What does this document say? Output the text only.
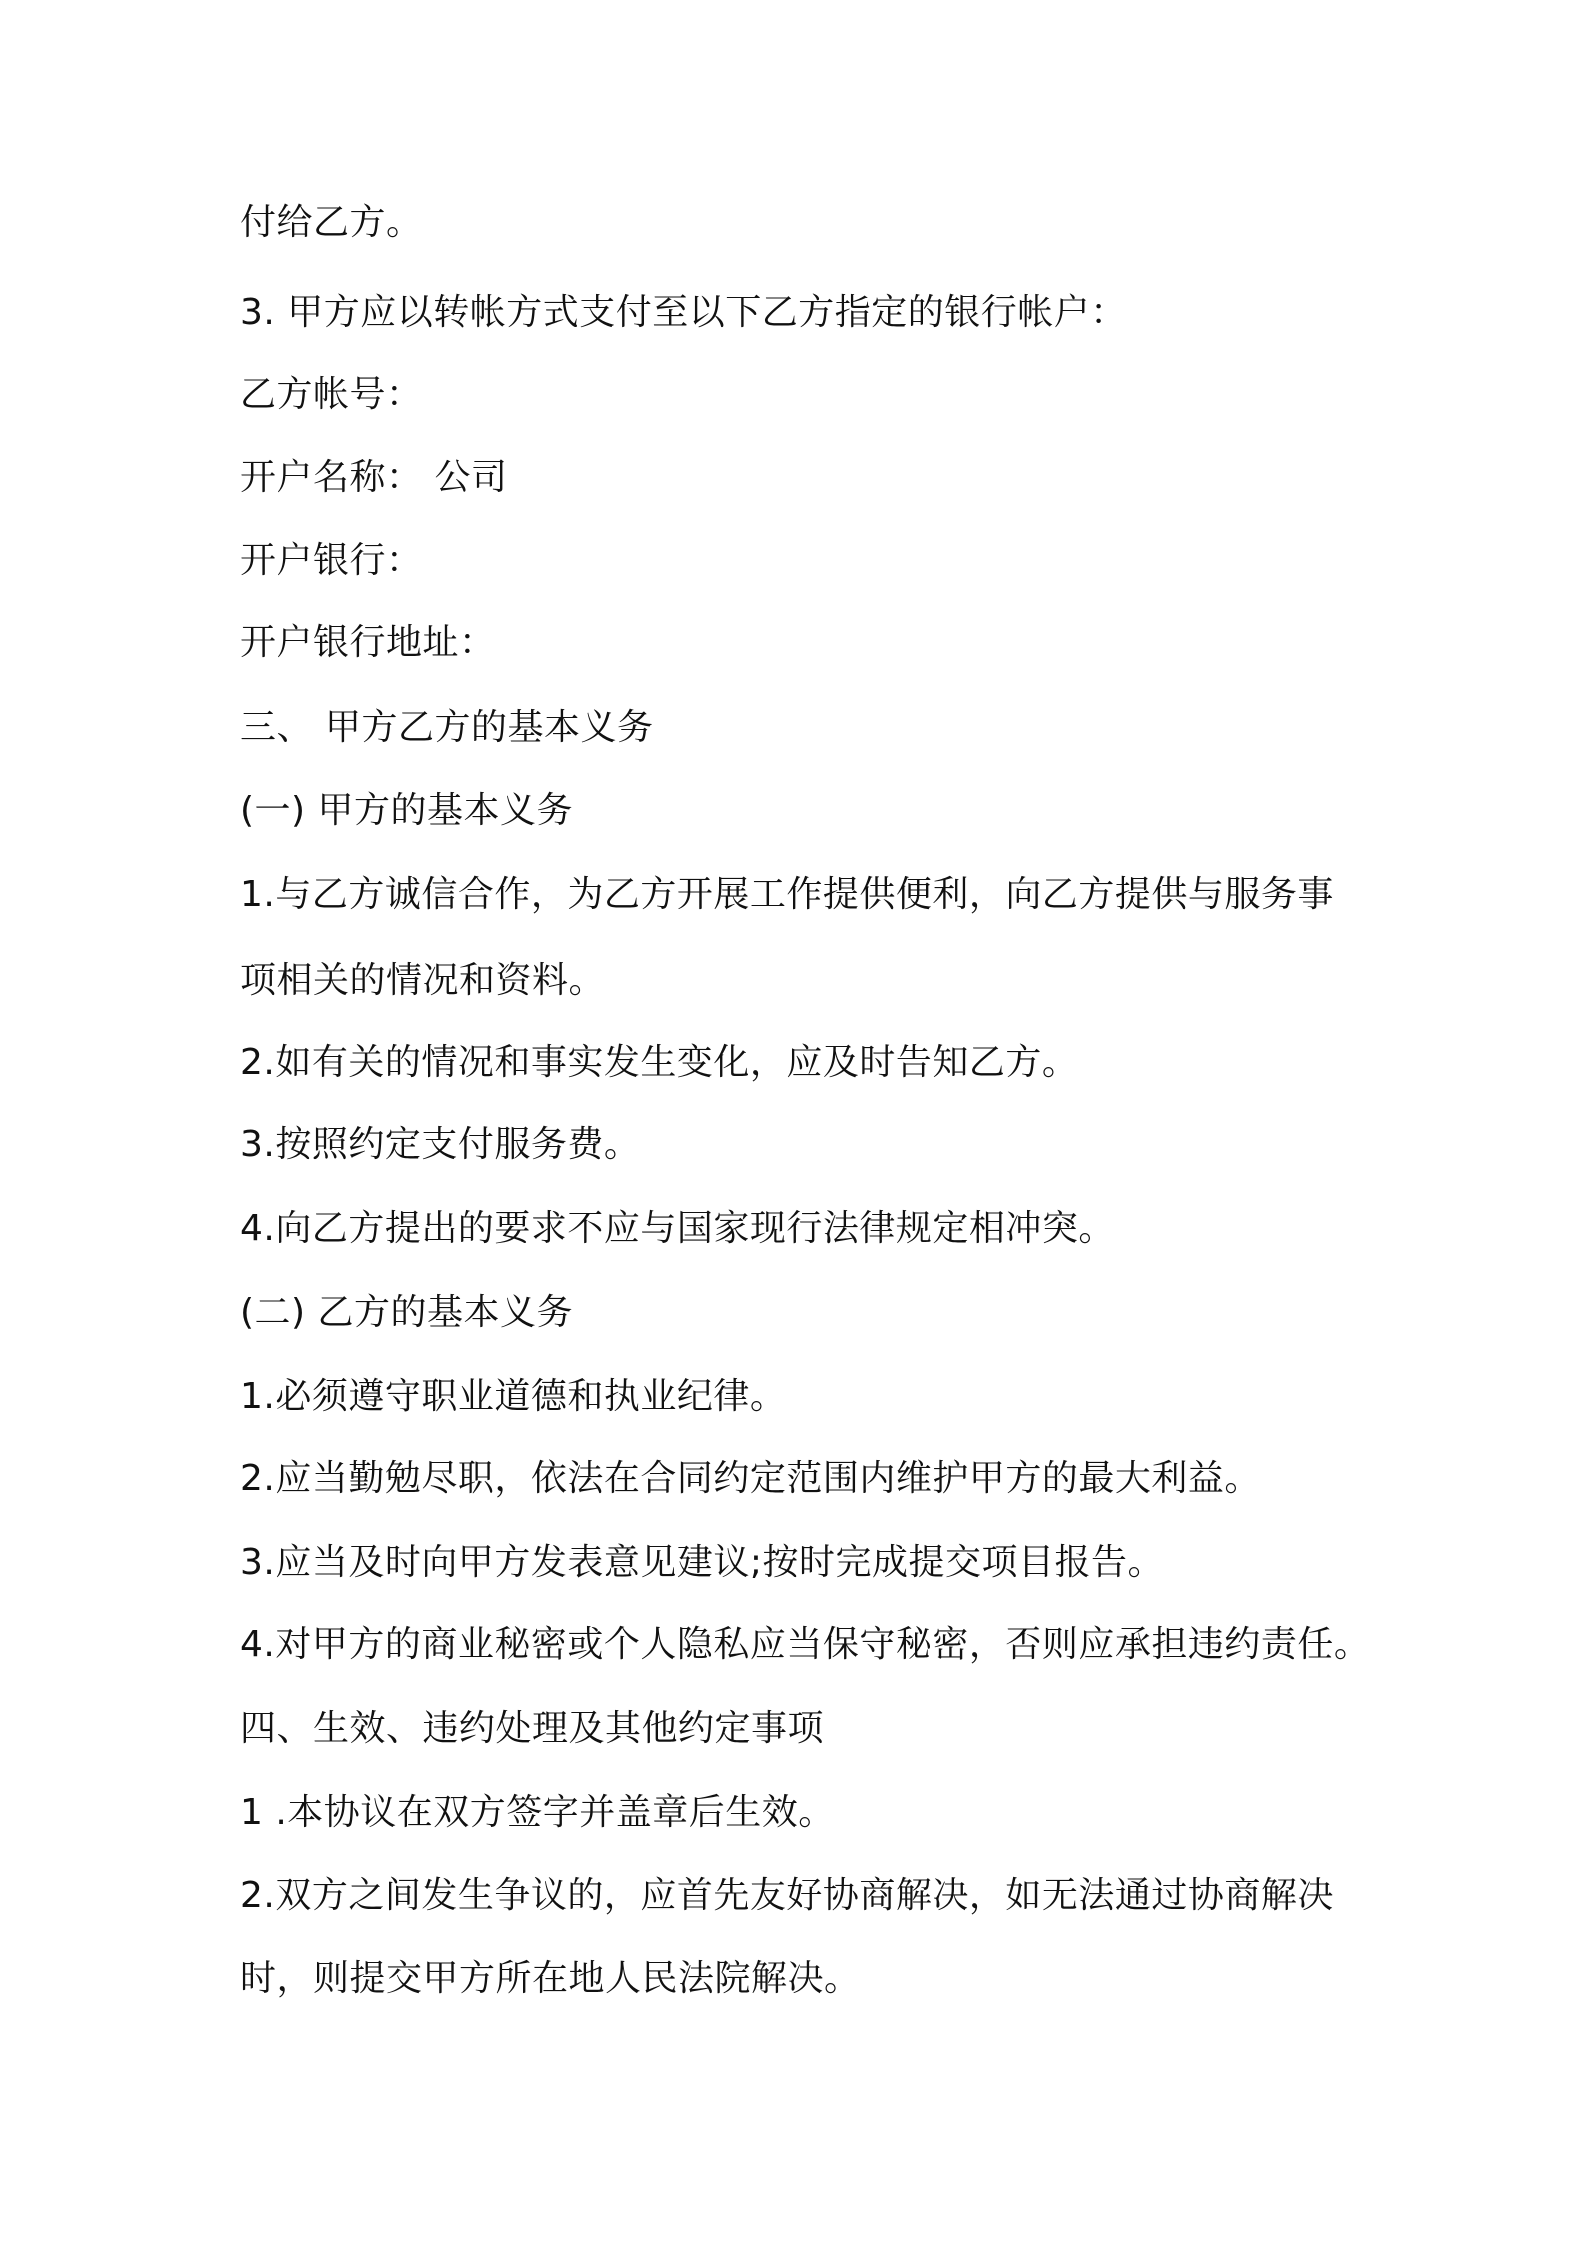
付给乙方。
3. 甲方应以转帐方式支付至以下乙方指定的银行帐户：
乙方帐号：
开户名称： 公司
开户银行：
开户银行地址：
三、 甲方乙方的基本义务
(一) 甲方的基本义务
1.与乙方诚信合作，为乙方开展工作提供便利，向乙方提供与服务事
项相关的情况和资料。
2.如有关的情况和事实发生变化，应及时告知乙方。
3.按照约定支付服务费。
4.向乙方提出的要求不应与国家现行法律规定相冲突。
(二) 乙方的基本义务
1.必须遵守职业道德和执业纪律。
2.应当勤勉尽职，依法在合同约定范围内维护甲方的最大利益。
3.应当及时向甲方发表意见建议;按时完成提交项目报告。
4.对甲方的商业秘密或个人隐私应当保守秘密，否则应承担违约责任。
四、生效、违约处理及其他约定事项
1 .本协议在双方签字并盖章后生效。
2.双方之间发生争议的，应首先友好协商解决，如无法通过协商解决
时，则提交甲方所在地人民法院解决。
